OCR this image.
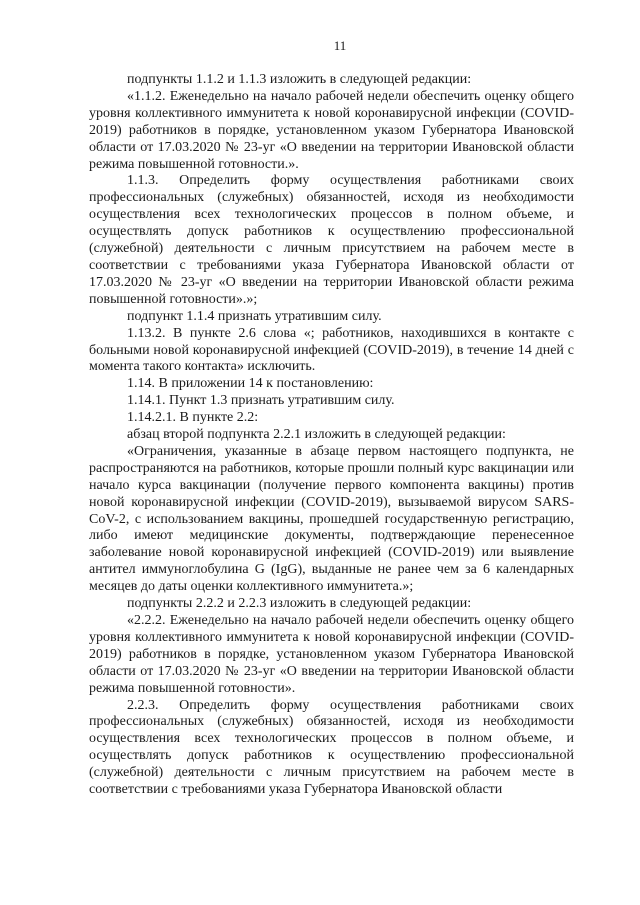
11

подпункты 1.1.2 и 1.1.3 изложить в следующей редакции:

«1.1.2. Еженедельно на начало рабочей недели обеспечить оценку общего уровня коллективного иммунитета к новой коронавирусной инфекции (COVID-2019) работников в порядке, установленном указом Губернатора Ивановской области от 17.03.2020 № 23-уг «О введении на территории Ивановской области режима повышенной готовности.».

1.1.3. Определить форму осуществления работниками своих профессиональных (служебных) обязанностей, исходя из необходимости осуществления всех технологических процессов в полном объеме, и осуществлять допуск работников к осуществлению профессиональной (служебной) деятельности с личным присутствием на рабочем месте в соответствии с требованиями указа Губернатора Ивановской области от 17.03.2020 № 23-уг «О введении на территории Ивановской области режима повышенной готовности».»;

подпункт 1.1.4 признать утратившим силу.

1.13.2. В пункте 2.6 слова «; работников, находившихся в контакте с больными новой коронавирусной инфекцией (COVID-2019), в течение 14 дней с момента такого контакта» исключить.

1.14. В приложении 14 к постановлению:

1.14.1. Пункт 1.3 признать утратившим силу.

1.14.2.1. В пункте 2.2:

абзац второй подпункта 2.2.1 изложить в следующей редакции:

«Ограничения, указанные в абзаце первом настоящего подпункта, не распространяются на работников, которые прошли полный курс вакцинации или начало курса вакцинации (получение первого компонента вакцины) против новой коронавирусной инфекции (COVID-2019), вызываемой вирусом SARS-CoV-2, с использованием вакцины, прошедшей государственную регистрацию, либо имеют медицинские документы, подтверждающие перенесенное заболевание новой коронавирусной инфекцией (COVID-2019) или выявление антител иммуноглобулина G (IgG), выданные не ранее чем за 6 календарных месяцев до даты оценки коллективного иммунитета.»;

подпункты 2.2.2 и 2.2.3 изложить в следующей редакции:

«2.2.2. Еженедельно на начало рабочей недели обеспечить оценку общего уровня коллективного иммунитета к новой коронавирусной инфекции (COVID-2019) работников в порядке, установленном указом Губернатора Ивановской области от 17.03.2020 № 23-уг «О введении на территории Ивановской области режима повышенной готовности».

2.2.3. Определить форму осуществления работниками своих профессиональных (служебных) обязанностей, исходя из необходимости осуществления всех технологических процессов в полном объеме, и осуществлять допуск работников к осуществлению профессиональной (служебной) деятельности с личным присутствием на рабочем месте в соответствии с требованиями указа Губернатора Ивановской области
